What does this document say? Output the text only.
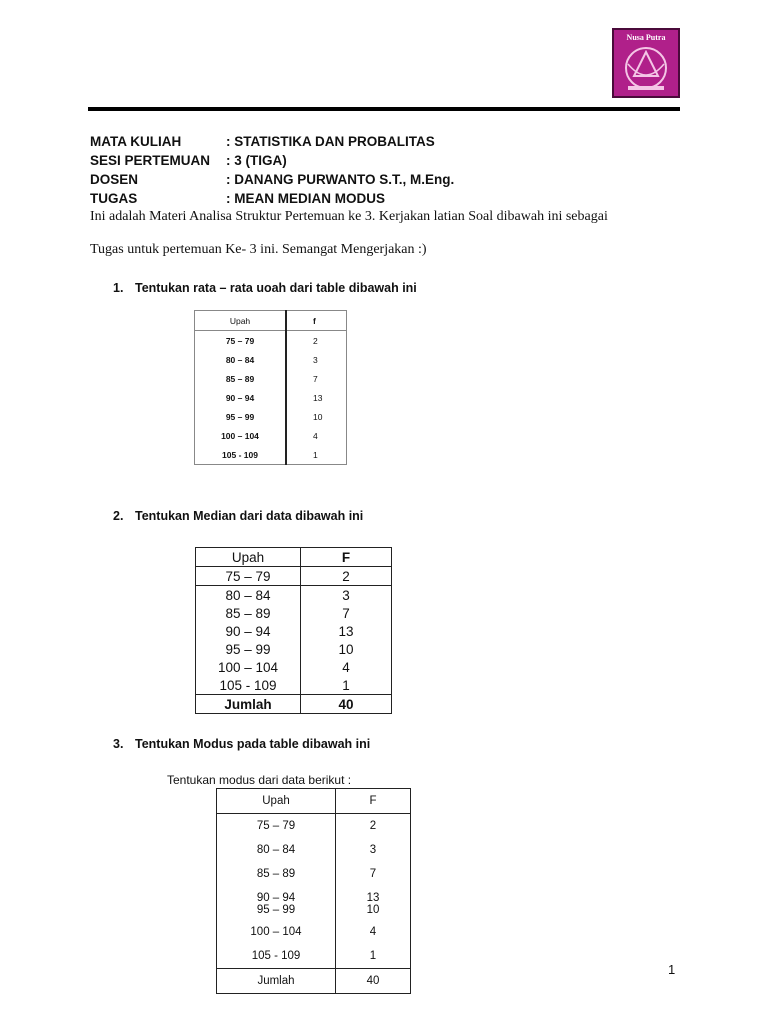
Nusa Putra
MATA KULIAH	: STATISTIKA DAN PROBALITAS
SESI PERTEMUAN	: 3 (TIGA)
DOSEN	: DANANG PURWANTO S.T., M.Eng.
TUGAS	: MEAN MEDIAN MODUS

Ini adalah Materi Analisa Struktur Pertemuan ke 3. Kerjakan latian Soal dibawah ini sebagai

Tugas untuk pertemuan Ke- 3 ini. Semangat Mengerjakan :)

1. Tentukan rata – rata uoah dari table dibawah ini
Upah	f
75 – 79	2
80 – 84	3
85 – 89	7
90 – 94	13
95 – 99	10
100 – 104	4
105 - 109	1
2. Tentukan Median dari data dibawah ini
Upah	F
75 – 79	2
80 – 84	3
85 – 89	7
90 – 94	13
95 – 99	10
100 – 104	4
105 - 109	1
Jumlah	40
3. Tentukan Modus pada table dibawah ini
Tentukan modus dari data berikut :
Upah	F
75 – 79	2
80 – 84	3
85 – 89	7
90 – 94	13
95 – 99	10
100 – 104	4
105 - 109	1
Jumlah	40
1
